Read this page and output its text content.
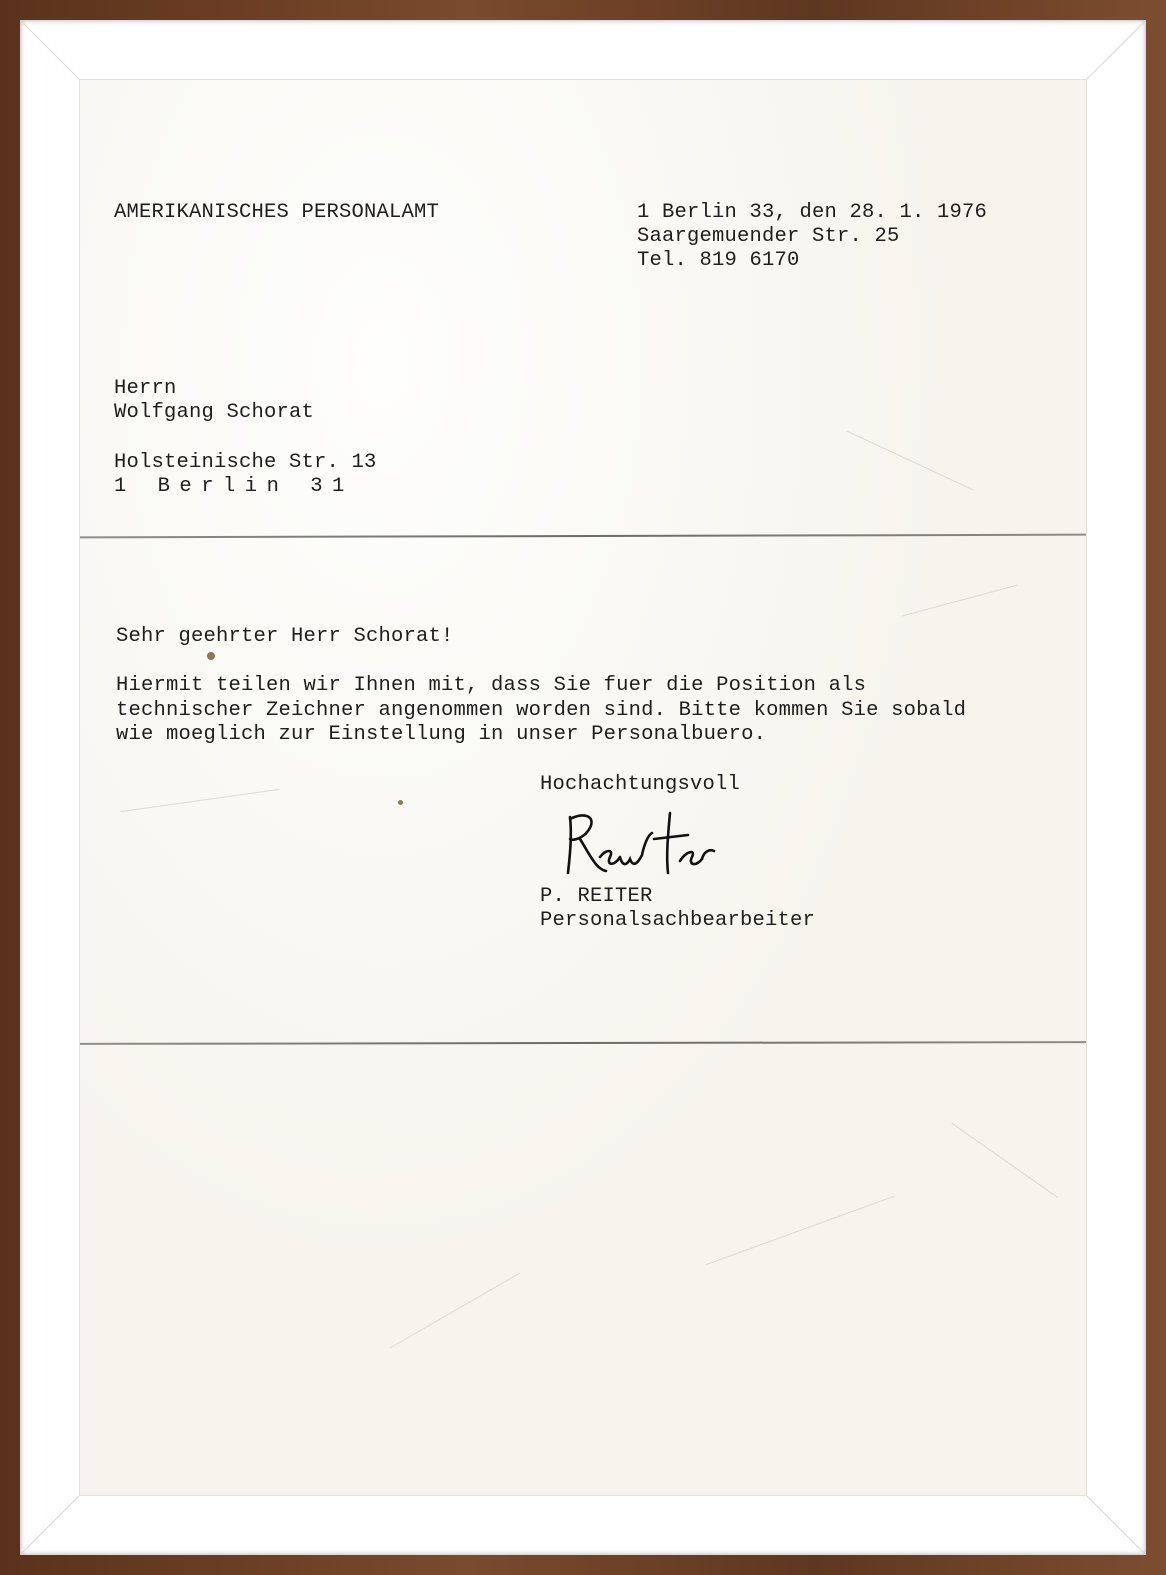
AMERIKANISCHES PERSONALAMT	1 Berlin 33, den 28. 1. 1976

Saargemuender Str. 25

Tel. 819 6170

Herrn

Wolfgang Schorat

Holsteinische Str. 13

1 Berlin 31

Sehr geehrter Herr Schorat!

Hiermit teilen wir Ihnen mit, dass Sie fuer die Position als

technischer Zeichner angenommen worden sind. Bitte kommen Sie sobald

wie moeglich zur Einstellung in unser Personalbuero.

Hochachtungsvoll

P. REITER

Personalsachbearbeiter
